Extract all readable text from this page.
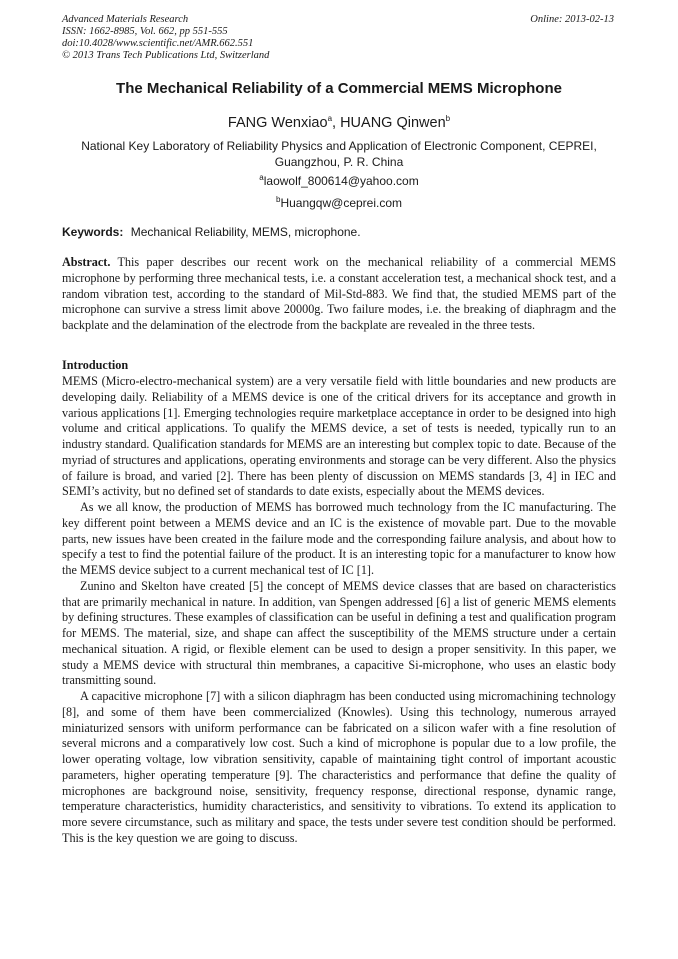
Advanced Materials Research
ISSN: 1662-8985, Vol. 662, pp 551-555
doi:10.4028/www.scientific.net/AMR.662.551
© 2013 Trans Tech Publications Ltd, Switzerland
Online: 2013-02-13
The Mechanical Reliability of a Commercial MEMS Microphone
FANG Wenxiao$^a$, HUANG Qinwen$^b$
National Key Laboratory of Reliability Physics and Application of Electronic Component, CEPREI, Guangzhou, P. R. China
$^a$laowolf_800614@yahoo.com
$^b$Huangqw@ceprei.com
Keywords: Mechanical Reliability, MEMS, microphone.
Abstract. This paper describes our recent work on the mechanical reliability of a commercial MEMS microphone by performing three mechanical tests, i.e. a constant acceleration test, a mechanical shock test, and a random vibration test, according to the standard of Mil-Std-883. We find that, the studied MEMS part of the microphone can survive a stress limit above 20000g. Two failure modes, i.e. the breaking of diaphragm and the backplate and the delamination of the electrode from the backplate are revealed in the three tests.
Introduction

MEMS (Micro-electro-mechanical system) are a very versatile field with little boundaries and new products are developing daily. Reliability of a MEMS device is one of the critical drivers for its acceptance and growth in various applications [1]. Emerging technologies require marketplace acceptance in order to be designed into high volume and critical applications. To qualify the MEMS device, a set of tests is needed, typically run to an industry standard. Qualification standards for MEMS are an interesting but complex topic to date. Because of the myriad of structures and applications, operating environments and storage can be very different. Also the physics of failure is broad, and varied [2]. There has been plenty of discussion on MEMS standards [3, 4] in IEC and SEMI’s activity, but no defined set of standards to date exists, especially about the MEMS devices.

As we all know, the production of MEMS has borrowed much technology from the IC manufacturing. The key different point between a MEMS device and an IC is the existence of movable part. Due to the movable parts, new issues have been created in the failure mode and the corresponding failure analysis, and about how to specify a test to find the potential failure of the product. It is an interesting topic for a manufacturer to know how the MEMS device subject to a current mechanical test of IC [1].

Zunino and Skelton have created [5] the concept of MEMS device classes that are based on characteristics that are primarily mechanical in nature. In addition, van Spengen addressed [6] a list of generic MEMS elements by defining structures. These examples of classification can be useful in defining a test and qualification program for MEMS. The material, size, and shape can affect the susceptibility of the MEMS structure under a certain mechanical situation. A rigid, or flexible element can be used to design a proper sensitivity. In this paper, we study a MEMS device with structural thin membranes, a capacitive Si-microphone, who uses an elastic body transmitting sound.

A capacitive microphone [7] with a silicon diaphragm has been conducted using micromachining technology [8], and some of them have been commercialized (Knowles). Using this technology, numerous arrayed miniaturized sensors with uniform performance can be fabricated on a silicon wafer with a fine resolution of several microns and a comparatively low cost. Such a kind of microphone is popular due to a low profile, the lower operating voltage, low vibration sensitivity, capable of maintaining tight control of important acoustic parameters, higher operating temperature [9]. The characteristics and performance that define the quality of microphones are background noise, sensitivity, frequency response, directional response, dynamic range, temperature characteristics, humidity characteristics, and sensitivity to vibrations. To extend its application to more severe circumstance, such as military and space, the tests under severe test condition should be performed. This is the key question we are going to discuss.
